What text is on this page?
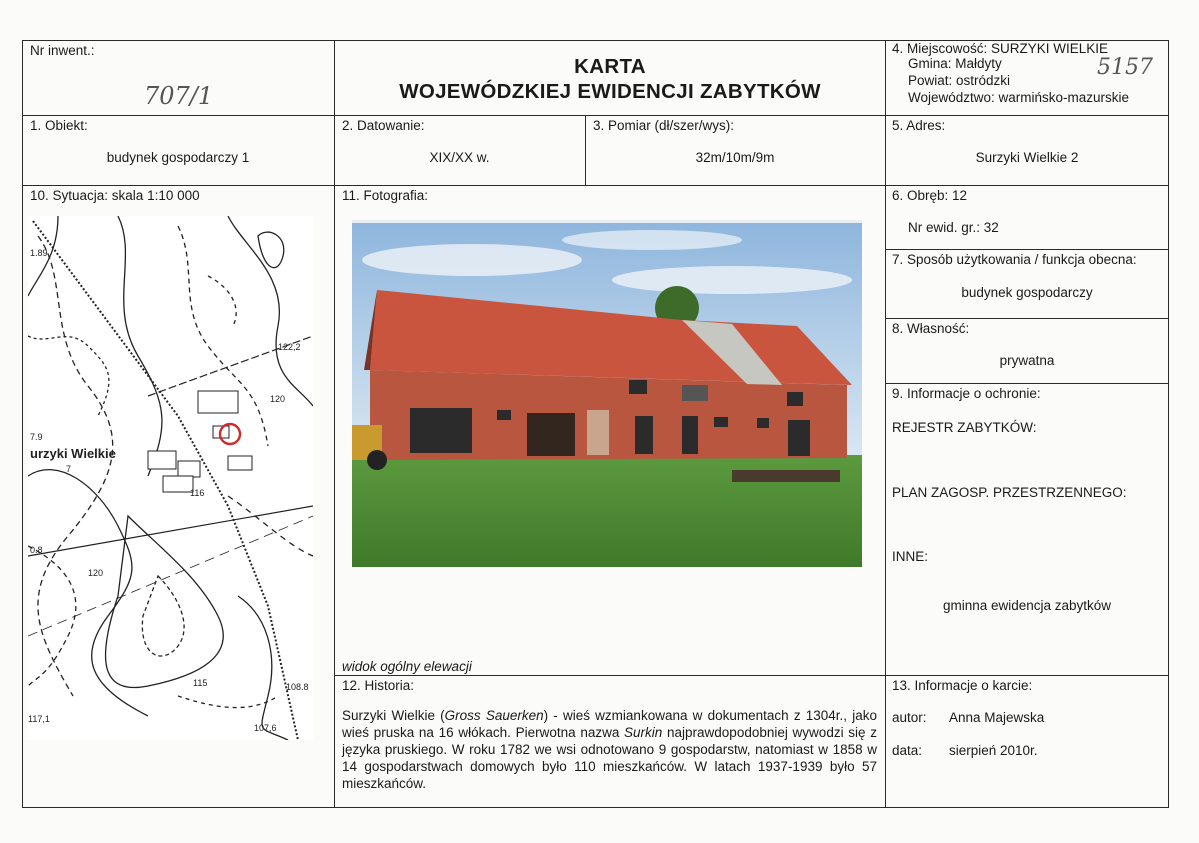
Nr inwent.:
707/1
KARTA
WOJEWÓDZKIEJ EWIDENCJI ZABYTKÓW
4. Miejscowość: SURZYKI WIELKIE
Gmina: Małdyty
Powiat: ostródzki
Województwo: warmińsko-mazurskie
5157
1. Obiekt:
budynek gospodarczy 1
2. Datowanie:
XIX/XX w.
3. Pomiar (dł/szer/wys):
32m/10m/9m
5. Adres:
Surzyki Wielkie 2
10. Sytuacja: skala 1:10 000	11. Fotografia:
widok ogólny elewacji
6. Obręb: 12
Nr ewid. gr.: 32
7. Sposób użytkowania / funkcja obecna:
budynek gospodarczy
8. Własność:
prywatna
9. Informacje o ochronie:
REJESTR ZABYTKÓW:
PLAN ZAGOSP. PRZESTRZENNEGO:
INNE:
gminna ewidencja zabytków
12. Historia:
Surzyki Wielkie (Gross Sauerken) - wieś wzmiankowana w dokumentach z 1304r., jako wieś pruska na 16 włókach. Pierwotna nazwa Surkin najprawdopodobniej wywodzi się z języka pruskiego. W roku 1782 we wsi odnotowano 9 gospodarstw, natomiast w 1858 w 14 gospodarstwach domowych było 110 mieszkańców. W latach 1937-1939 było 57 mieszkańców.
13. Informacje o karcie:
autor: Anna Majewska
data: sierpień 2010r.
1.89
122,2
120
7.9
116
115	108.8
117,1
107,6
0.8
120
7
urzyki Wielkie
